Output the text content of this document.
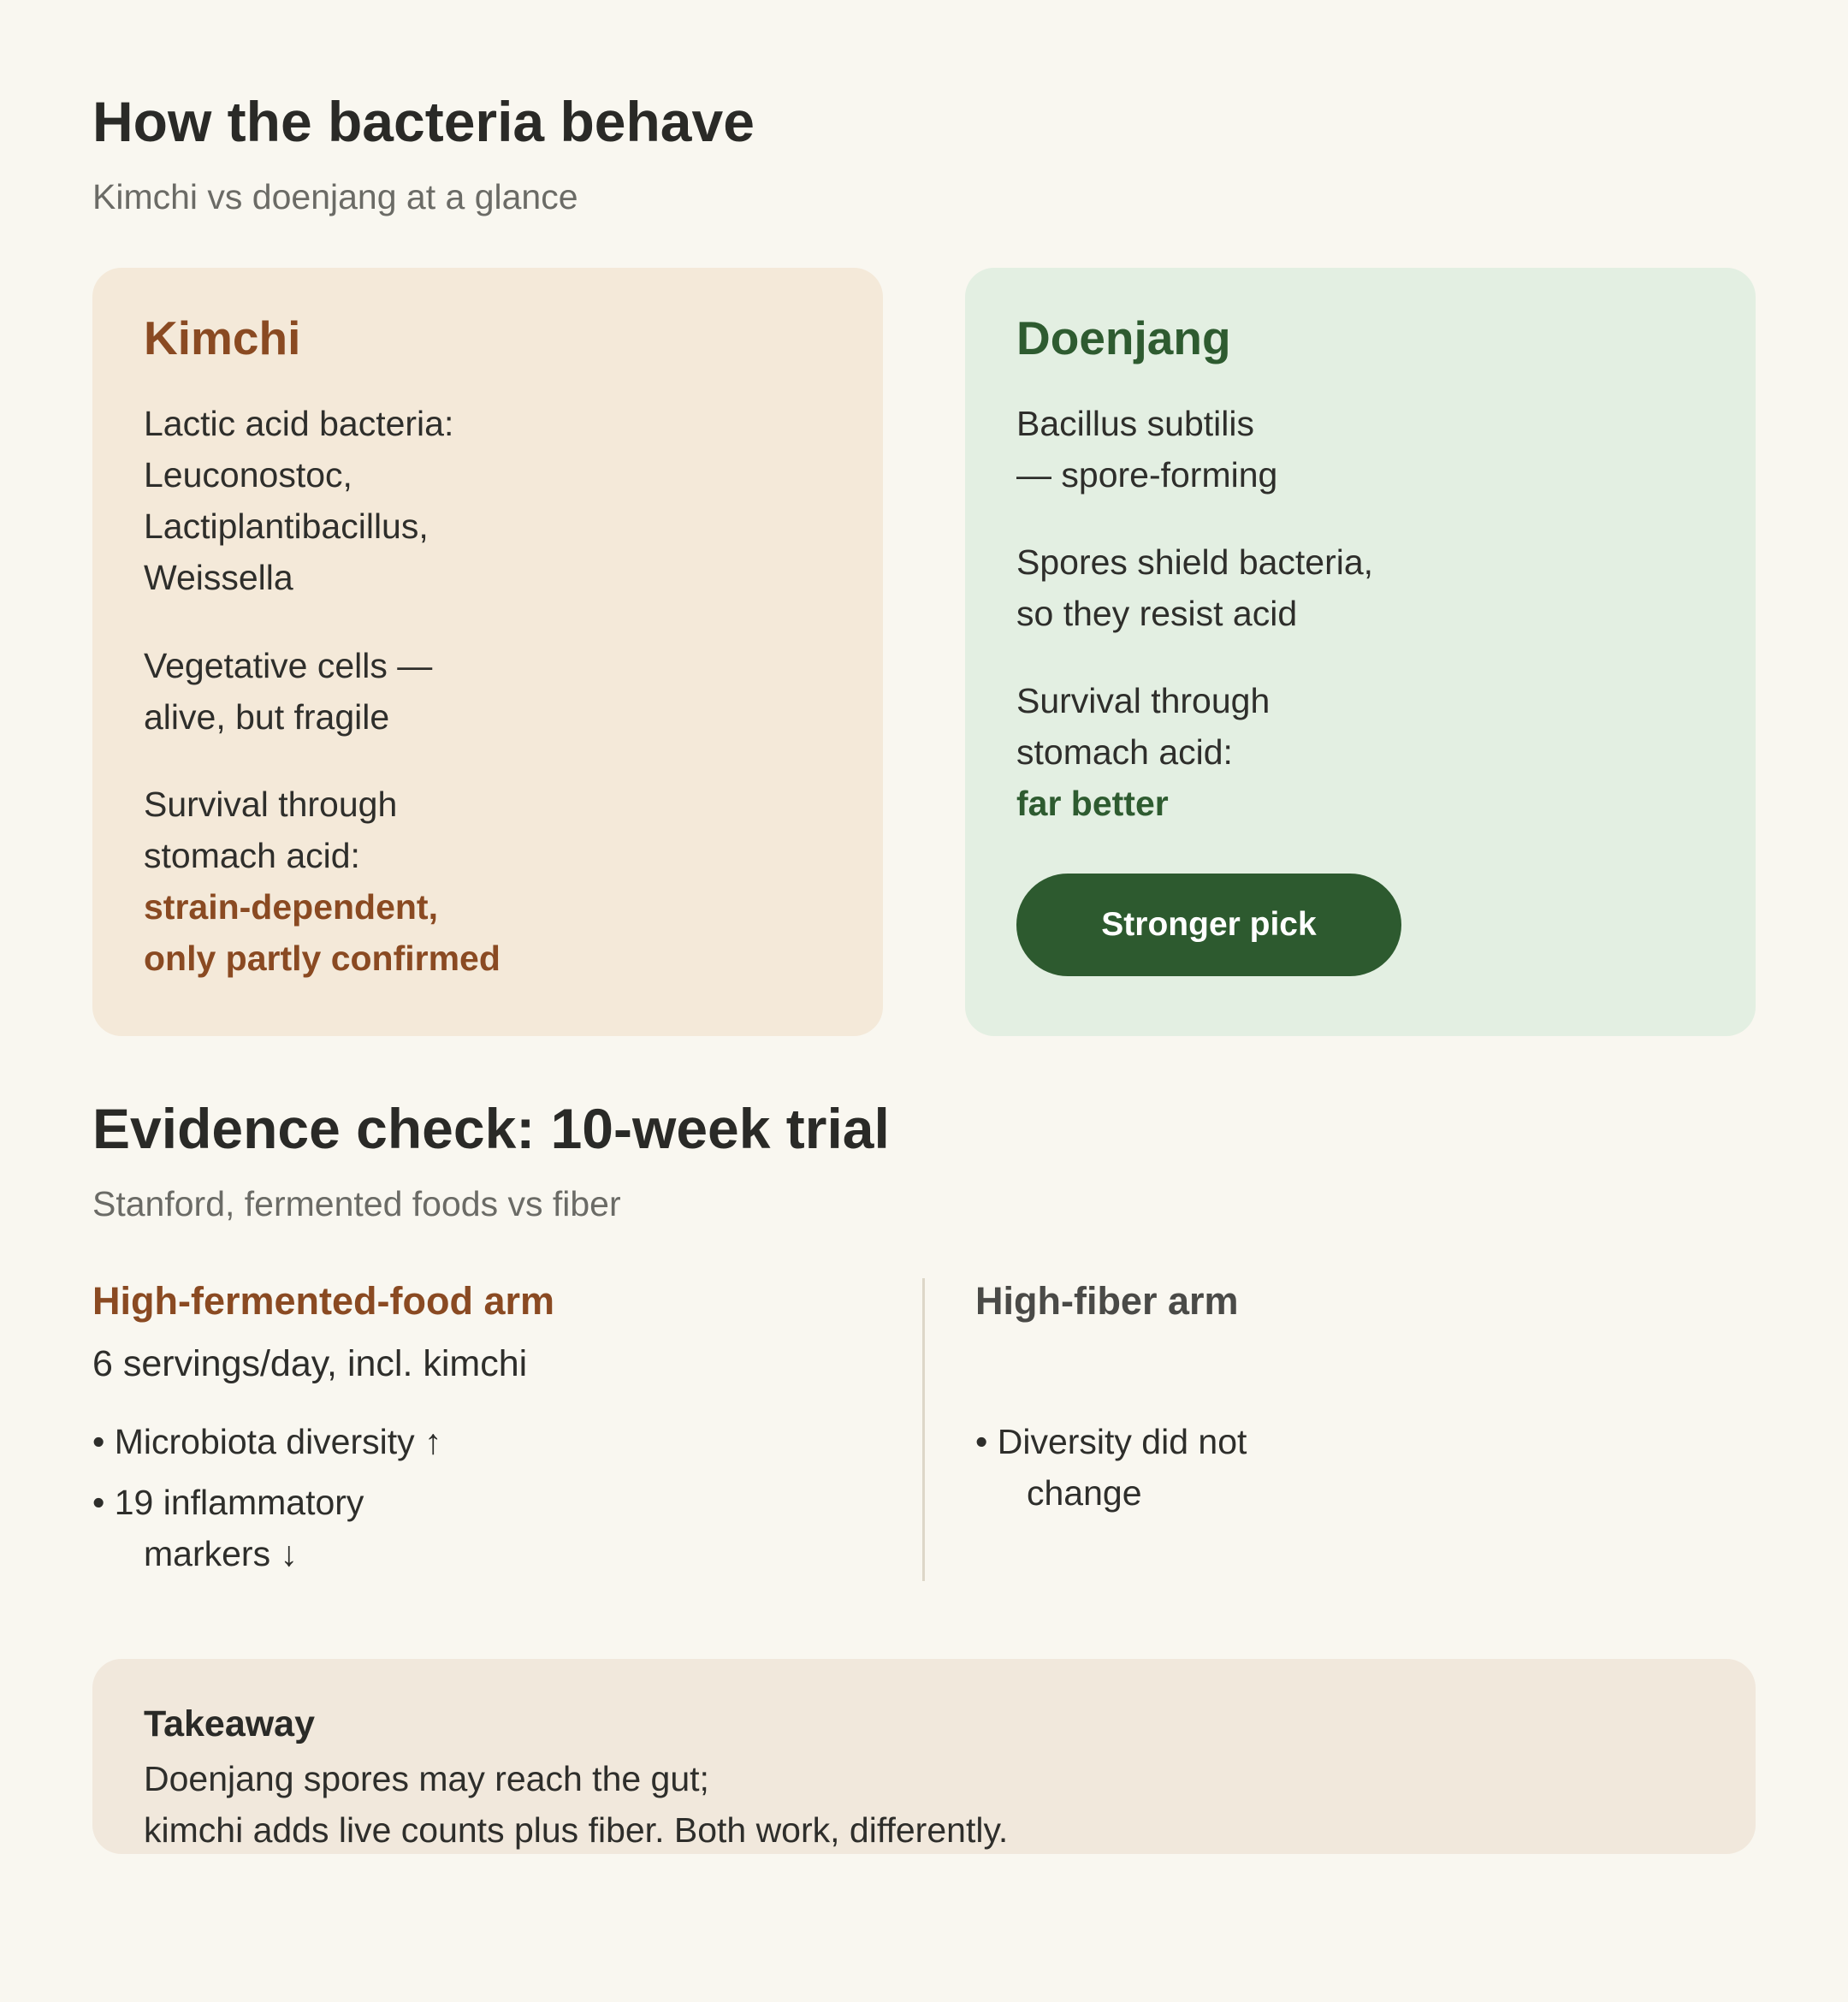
How the bacteria behave

Kimchi vs doenjang at a glance

Kimchi

Lactic acid bacteria:
Leuconostoc,
Lactiplantibacillus,
Weissella

Vegetative cells —
alive, but fragile

Survival through
stomach acid:
strain-dependent,
only partly confirmed

Doenjang

Bacillus subtilis
— spore-forming

Spores shield bacteria,
so they resist acid

Survival through
stomach acid:
far better

Stronger pick
Evidence check: 10-week trial

Stanford, fermented foods vs fiber

High-fermented-food arm

6 servings/day, incl. kimchi

• Microbiota diversity ↑

• 19 inflammatory
markers ↓

High-fiber arm

• Diversity did not
change

Takeaway

Doenjang spores may reach the gut;
kimchi adds live counts plus fiber. Both work, differently.
